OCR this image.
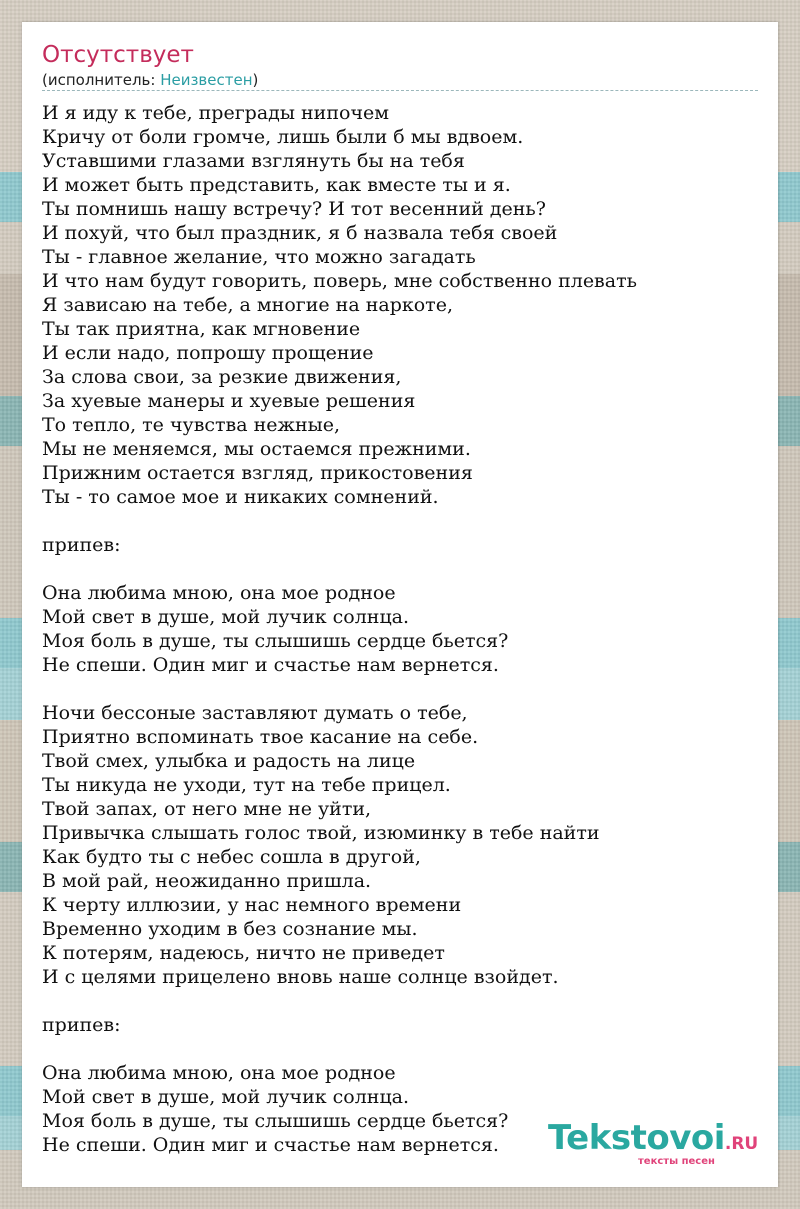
Отсутствует
(исполнитель: Неизвестен)
И я иду к тебе, преграды нипочем
Кричу от боли громче, лишь были б мы вдвоем.
Уставшими глазами взглянуть бы на тебя
И может быть представить, как вместе ты и я.
Ты помнишь нашу встречу? И тот весенний день?
И похуй, что был праздник, я б назвала тебя своей
Ты - главное желание, что можно загадать
И что нам будут говорить, поверь, мне собственно плевать
Я зависаю на тебе, а многие на наркоте,
Ты так приятна, как мгновение
И если надо, попрошу прощение
За слова свои, за резкие движения,
За хуевые манеры и хуевые решения
То тепло, те чувства нежные,
Мы не меняемся, мы остаемся прежними.
Прижним остается взгляд, прикостовения
Ты - то самое мое и никаких сомнений.
припев:
Она любима мною, она мое родное
Мой свет в душе, мой лучик солнца.
Моя боль в душе, ты слышишь сердце бьется?
Не спеши. Один миг и счастье нам вернется.
Ночи бессоные заставляют думать о тебе,
Приятно вспоминать твое касание на себе.
Твой смех, улыбка и радость на лице
Ты никуда не уходи, тут на тебе прицел.
Твой запах, от него мне не уйти,
Привычка слышать голос твой, изюминку в тебе найти
Как будто ты с небес сошла в другой,
В мой рай, неожиданно пришла.
К черту иллюзии, у нас немного времени
Временно уходим в без сознание мы.
К потерям, надеюсь, ничто не приведет
И с целями прицелено вновь наше солнце взойдет.
припев:
Она любима мною, она мое родное
Мой свет в душе, мой лучик солнца.
Моя боль в душе, ты слышишь сердце бьется?
Не спеши. Один миг и счастье нам вернется.	Tekstovoi.RU
тексты песен
